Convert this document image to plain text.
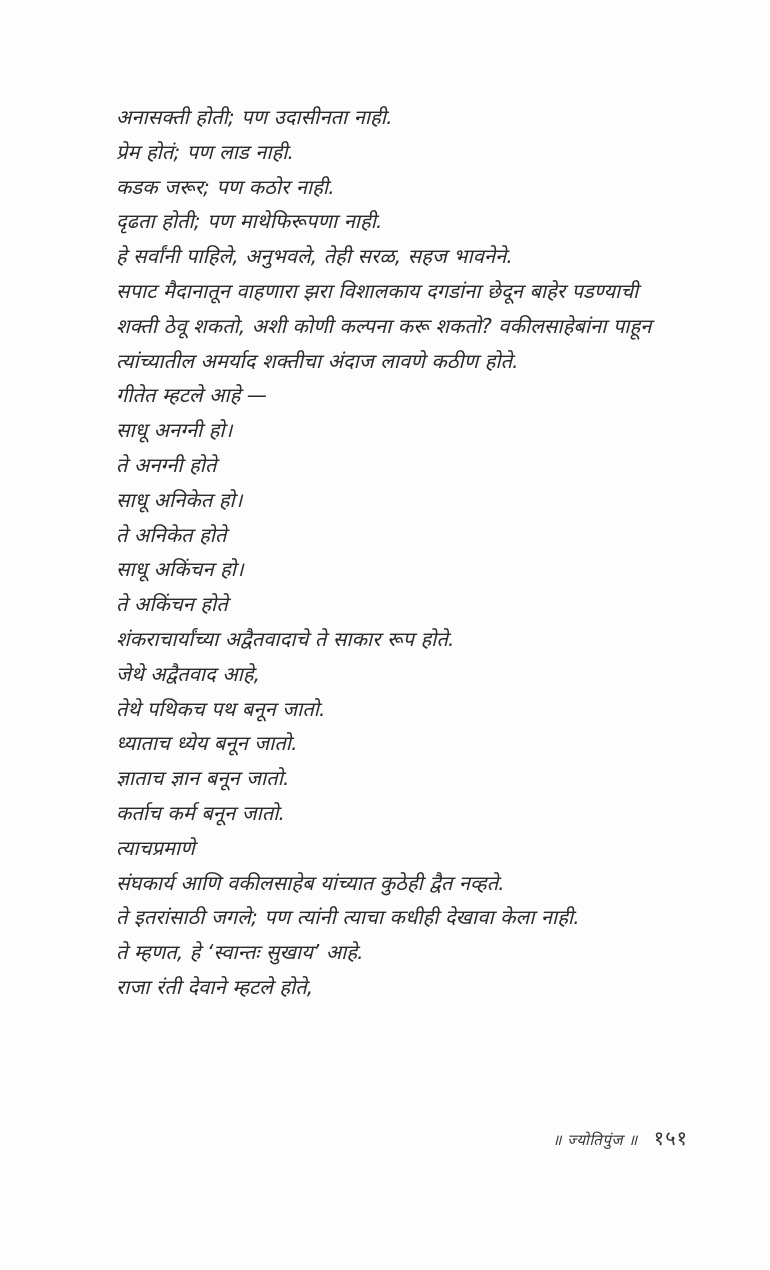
अनासक्ती होती; पण उदासीनता नाही.
प्रेम होतं; पण लाड नाही.
कडक जरूर; पण कठोर नाही.
दृढता होती; पण माथेफिरूपणा नाही.
हे सर्वांनी पाहिले, अनुभवले, तेही सरळ, सहज भावनेने.
सपाट मैदानातून वाहणारा झरा विशालकाय दगडांना छेदून बाहेर पडण्याची
शक्ती ठेवू शकतो, अशी कोणी कल्पना करू शकतो? वकीलसाहेबांना पाहून
त्यांच्यातील अमर्याद शक्तीचा अंदाज लावणे कठीण होते.
गीतेत म्हटले आहे —
साधू अनग्नी हो।
ते अनग्नी होते
साधू अनिकेत हो।
ते अनिकेत होते
साधू अकिंचन हो।
ते अकिंचन होते
शंकराचार्यांच्या अद्वैतवादाचे ते साकार रूप होते.
जेथे अद्वैतवाद आहे,
तेथे पथिकच पथ बनून जातो.
ध्याताच ध्येय बनून जातो.
ज्ञाताच ज्ञान बनून जातो.
कर्ताच कर्म बनून जातो.
त्याचप्रमाणे
संघकार्य आणि वकीलसाहेब यांच्यात कुठेही द्वैत नव्हते.
ते इतरांसाठी जगले; पण त्यांनी त्याचा कधीही देखावा केला नाही.
ते म्हणत, हे ‘स्वान्तः सुखाय’ आहे.
राजा रंती देवाने म्हटले होते,
॥ ज्योतिपुंज ॥ १५१
